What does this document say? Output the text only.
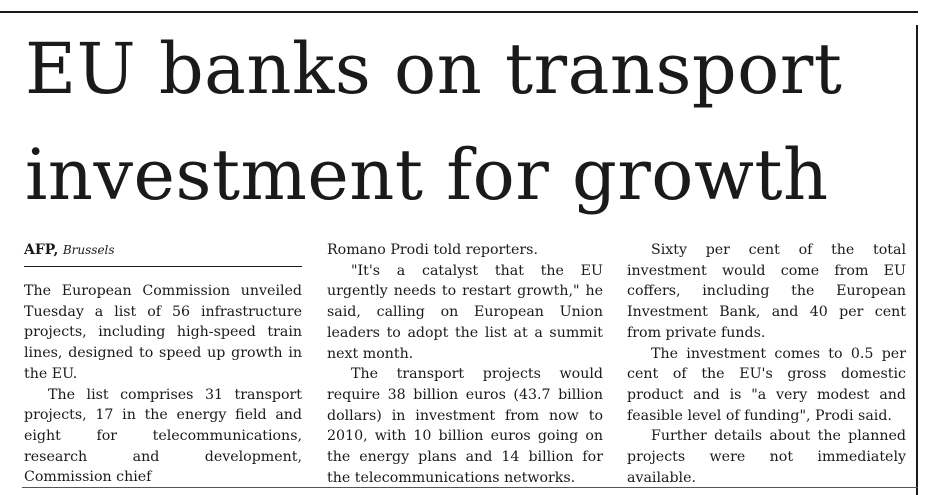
EU banks on transport
investment for growth
AFP, Brussels

The European Commission unveiled Tuesday a list of 56 infrastructure projects, including high-speed train lines, designed to speed up growth in the EU.

The list comprises 31 transport projects, 17 in the energy field and eight for telecommunications, research and development, Commission chief

Romano Prodi told reporters.

"It's a catalyst that the EU urgently needs to restart growth," he said, calling on European Union leaders to adopt the list at a summit next month.

The transport projects would require 38 billion euros (43.7 billion dollars) in investment from now to 2010, with 10 billion euros going on the energy plans and 14 billion for the telecommunications networks.

Sixty per cent of the total investment would come from EU coffers, including the European Investment Bank, and 40 per cent from private funds.

The investment comes to 0.5 per cent of the EU's gross domestic product and is "a very modest and feasible level of funding", Prodi said.

Further details about the planned projects were not immediately available.
